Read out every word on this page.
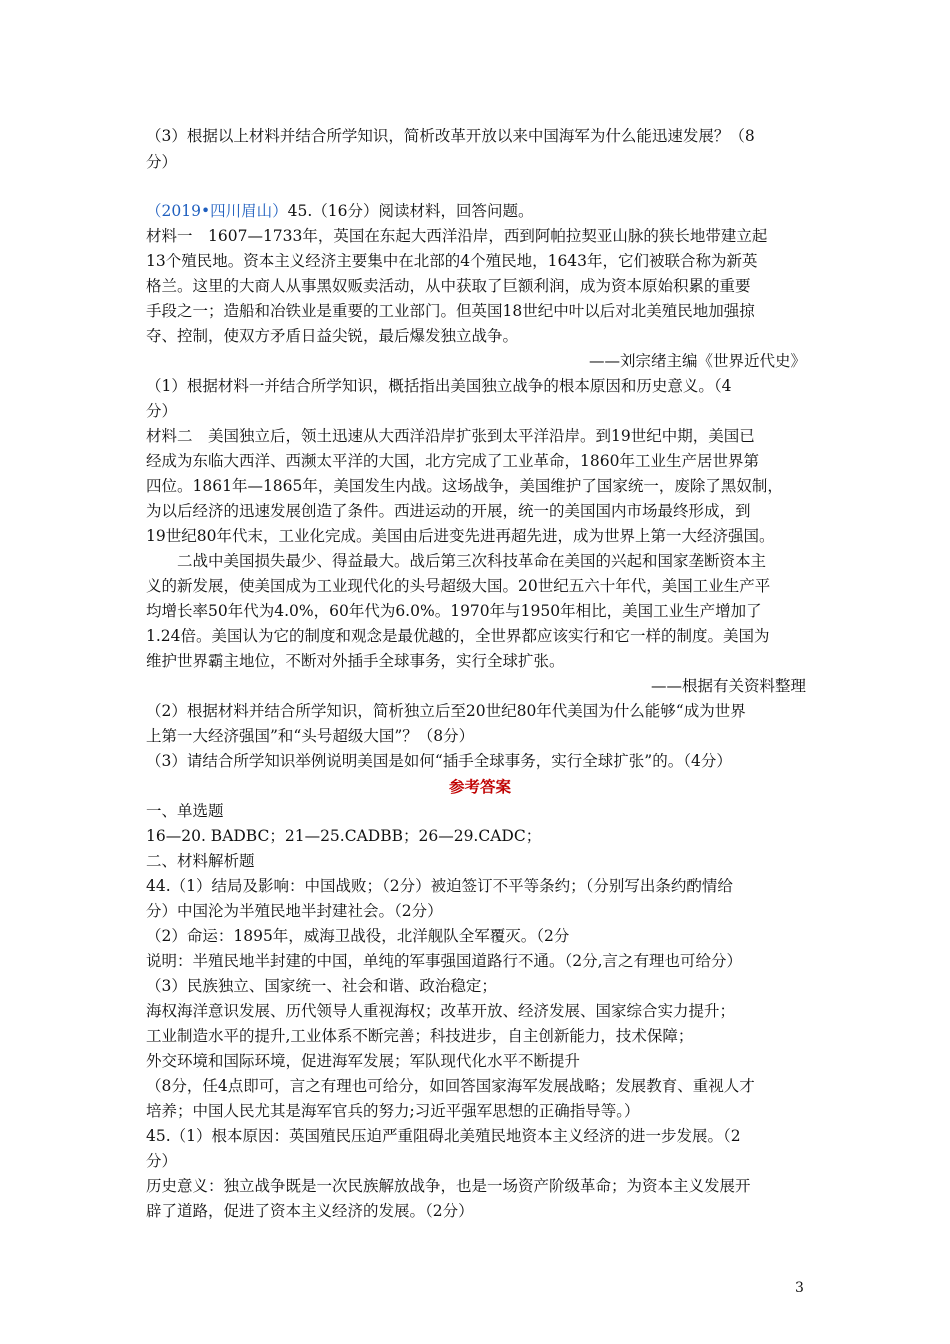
（3）根据以上材料并结合所学知识，简析改革开放以来中国海军为什么能迅速发展？（8
分）
（2019•四川眉山）45.（16分）阅读材料，回答问题。
材料一　1607—1733年，英国在东起大西洋沿岸，西到阿帕拉契亚山脉的狭长地带建立起
13个殖民地。资本主义经济主要集中在北部的4个殖民地，1643年，它们被联合称为新英
格兰。这里的大商人从事黑奴贩卖活动，从中获取了巨额利润，成为资本原始积累的重要
手段之一；造船和冶铁业是重要的工业部门。但英国18世纪中叶以后对北美殖民地加强掠
夺、控制，使双方矛盾日益尖锐，最后爆发独立战争。
——刘宗绪主编《世界近代史》
（1）根据材料一并结合所学知识，概括指出美国独立战争的根本原因和历史意义。（4
分）
材料二　美国独立后，领土迅速从大西洋沿岸扩张到太平洋沿岸。到19世纪中期，美国已
经成为东临大西洋、西濒太平洋的大国，北方完成了工业革命，1860年工业生产居世界第
四位。1861年—1865年，美国发生内战。这场战争，美国维护了国家统一，废除了黑奴制，
为以后经济的迅速发展创造了条件。西进运动的开展，统一的美国国内市场最终形成，到
19世纪80年代末，工业化完成。美国由后进变先进再超先进，成为世界上第一大经济强国。
二战中美国损失最少、得益最大。战后第三次科技革命在美国的兴起和国家垄断资本主
义的新发展，使美国成为工业现代化的头号超级大国。20世纪五六十年代，美国工业生产平
均增长率50年代为4.0%，60年代为6.0%。1970年与1950年相比，美国工业生产增加了
1.24倍。美国认为它的制度和观念是最优越的，全世界都应该实行和它一样的制度。美国为
维护世界霸主地位，不断对外插手全球事务，实行全球扩张。
——根据有关资料整理
（2）根据材料并结合所学知识，简析独立后至20世纪80年代美国为什么能够“成为世界
上第一大经济强国”和“头号超级大国”？（8分）
（3）请结合所学知识举例说明美国是如何“插手全球事务，实行全球扩张”的。（4分）
参考答案
一、单选题
16—20. BADBC；21—25.CADBB；26—29.CADC；
二、材料解析题
44.（1）结局及影响：中国战败；（2分）被迫签订不平等条约；（分别写出条约酌情给
分）中国沦为半殖民地半封建社会。（2分）
（2）命运：1895年，威海卫战役，北洋舰队全军覆灭。（2分
说明：半殖民地半封建的中国，单纯的军事强国道路行不通。（2分,言之有理也可给分）
（3）民族独立、国家统一、社会和谐、政治稳定；
海权海洋意识发展、历代领导人重视海权；改革开放、经济发展、国家综合实力提升；
工业制造水平的提升,工业体系不断完善；科技进步，自主创新能力，技术保障；
外交环境和国际环境，促进海军发展；军队现代化水平不断提升
（8分，任4点即可，言之有理也可给分，如回答国家海军发展战略；发展教育、重视人才
培养；中国人民尤其是海军官兵的努力;习近平强军思想的正确指导等。）
45.（1）根本原因：英国殖民压迫严重阻碍北美殖民地资本主义经济的进一步发展。（2
分）
历史意义：独立战争既是一次民族解放战争，也是一场资产阶级革命；为资本主义发展开
辟了道路，促进了资本主义经济的发展。（2分）
3
